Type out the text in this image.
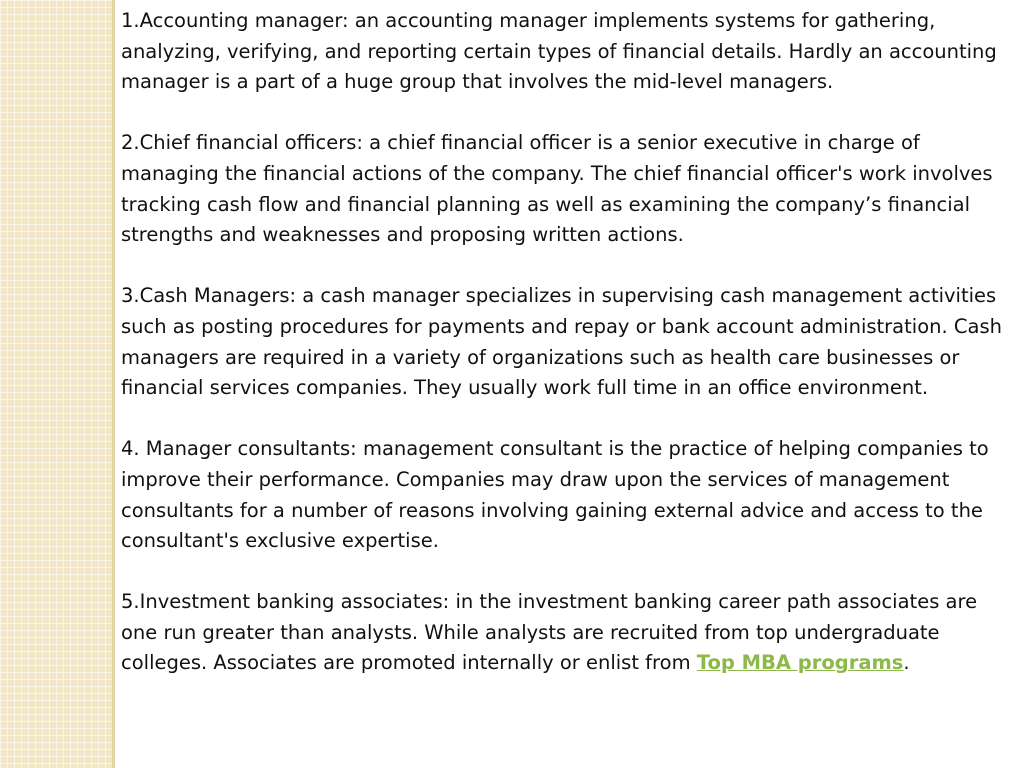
1.Accounting manager: an accounting manager implements systems for gathering, analyzing, verifying, and reporting certain types of financial details. Hardly an accounting manager is a part of a huge group that involves the mid-level managers.

2.Chief financial officers: a chief financial officer is a senior executive in charge of managing the financial actions of the company. The chief financial officer's work involves tracking cash flow and financial planning as well as examining the company’s financial strengths and weaknesses and proposing written actions.

3.Cash Managers: a cash manager specializes in supervising cash management activities such as posting procedures for payments and repay or bank account administration. Cash managers are required in a variety of organizations such as health care businesses or financial services companies. They usually work full time in an office environment.

4. Manager consultants: management consultant is the practice of helping companies to improve their performance. Companies may draw upon the services of management consultants for a number of reasons involving gaining external advice and access to the consultant's exclusive expertise.

5.Investment banking associates: in the investment banking career path associates are one run greater than analysts. While analysts are recruited from top undergraduate colleges. Associates are promoted internally or enlist from Top MBA programs.
